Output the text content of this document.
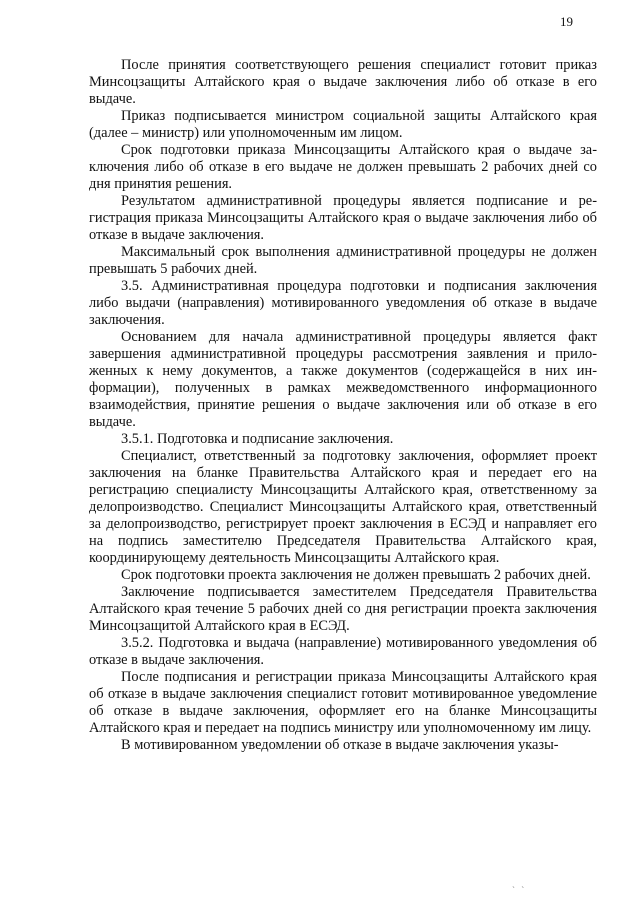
19

После принятия соответствующего решения специалист готовит приказ Минсоцзащиты Алтайского края о выдаче заключения либо об отказе в его выдаче.

Приказ подписывается министром социальной защиты Алтайского края (далее – министр) или уполномоченным им лицом.

Срок подготовки приказа Минсоцзащиты Алтайского края о выдаче заключения либо об отказе в его выдаче не должен превышать 2 рабочих дней со дня принятия решения.

Результатом административной процедуры является подписание и регистрация приказа Минсоцзащиты Алтайского края о выдаче заключения либо об отказе в выдаче заключения.

Максимальный срок выполнения административной процедуры не должен превышать 5 рабочих дней.

3.5. Административная процедура подготовки и подписания заключения либо выдачи (направления) мотивированного уведомления об отказе в выдаче заключения.

Основанием для начала административной процедуры является факт завершения административной процедуры рассмотрения заявления и приложенных к нему документов, а также документов (содержащейся в них информации), полученных в рамках межведомственного информационного взаимодействия, принятие решения о выдаче заключения или об отказе в его выдаче.

3.5.1. Подготовка и подписание заключения.

Специалист, ответственный за подготовку заключения, оформляет проект заключения на бланке Правительства Алтайского края и передает его на регистрацию специалисту Минсоцзащиты Алтайского края, ответственному за делопроизводство. Специалист Минсоцзащиты Алтайского края, ответственный за делопроизводство, регистрирует проект заключения в ЕСЭД и направляет его на подпись заместителю Председателя Правительства Алтайского края, координирующему деятельность Минсоцзащиты Алтайского края.

Срок подготовки проекта заключения не должен превышать 2 рабочих дней.

Заключение подписывается заместителем Председателя Правительства Алтайского края течение 5 рабочих дней со дня регистрации проекта заключения Минсоцзащитой Алтайского края в ЕСЭД.

3.5.2. Подготовка и выдача (направление) мотивированного уведомления об отказе в выдаче заключения.

После подписания и регистрации приказа Минсоцзащиты Алтайского края об отказе в выдаче заключения специалист готовит мотивированное уведомление об отказе в выдаче заключения, оформляет его на бланке Минсоцзащиты Алтайского края и передает на подпись министру или уполномоченному им лицу.

В мотивированном уведомлении об отказе в выдаче заключения указы-

ˎ ˎ
